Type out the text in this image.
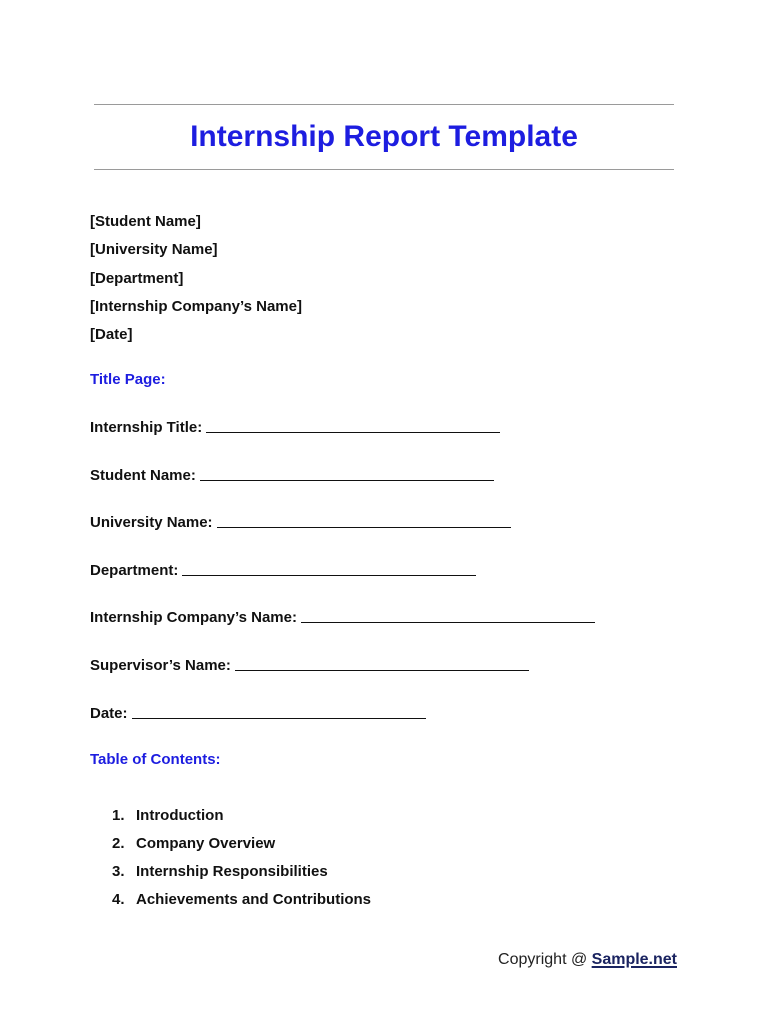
Internship Report Template
[Student Name]
[University Name]
[Department]
[Internship Company’s Name]
[Date]
Title Page:
Internship Title:
Student Name:
University Name:
Department:
Internship Company’s Name:
Supervisor’s Name:
Date:
Table of Contents:
1. Introduction
2. Company Overview
3. Internship Responsibilities
4. Achievements and Contributions
Copyright @ Sample.net
